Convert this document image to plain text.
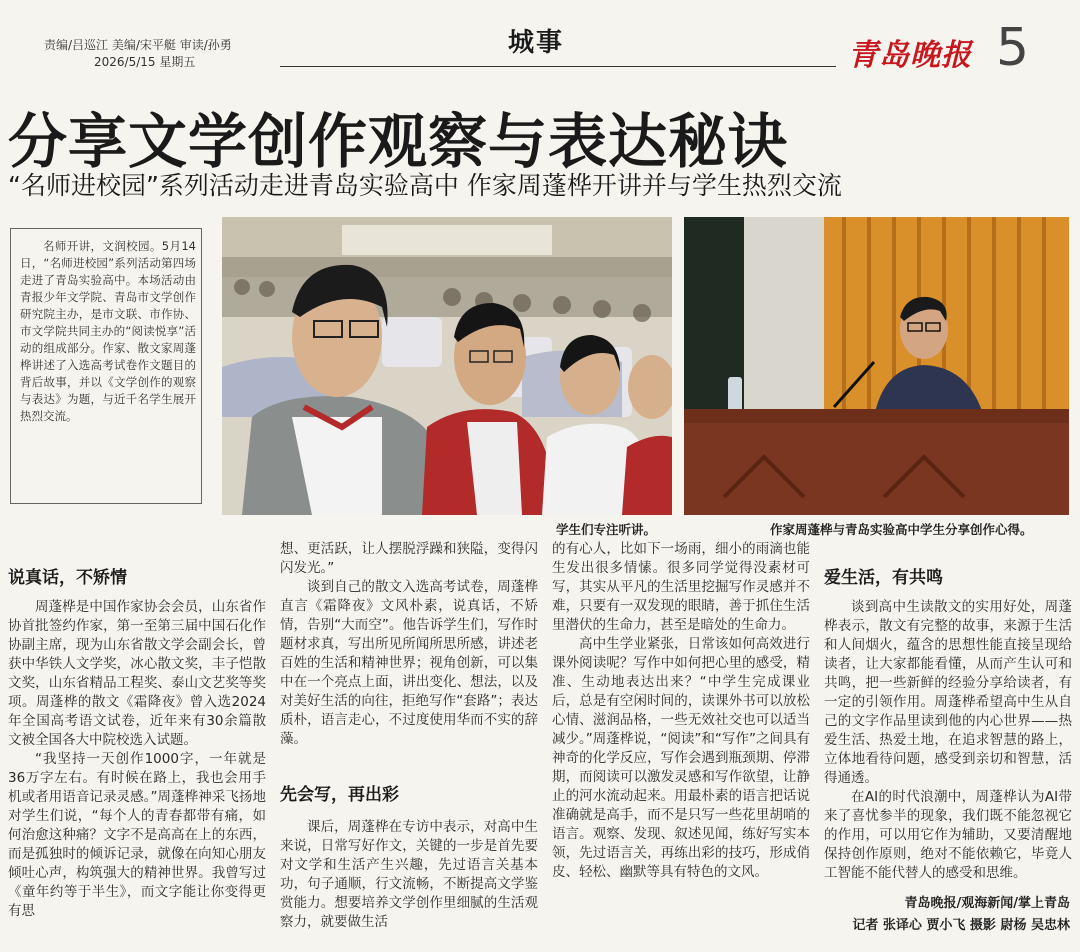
责编/吕巡江 美编/宋平艇 审读/孙勇
2026/5/15 星期五
城事	青岛晚报 5
分享文学创作观察与表达秘诀
“名师进校园”系列活动走进青岛实验高中 作家周蓬桦开讲并与学生热烈交流
名师开讲，文润校园。5月14日，“名师进校园”系列活动第四场走进了青岛实验高中。本场活动由青报少年文学院、青岛市文学创作研究院主办，是市文联、市作协、市文学院共同主办的“阅读悦享”活动的组成部分。作家、散文家周蓬桦讲述了入选高考试卷作文题目的背后故事，并以《文学创作的观察与表达》为题，与近千名学生展开热烈交流。
学生们专注听讲。	作家周蓬桦与青岛实验高中学生分享创作心得。
说真话，不矫情

周蓬桦是中国作家协会会员，山东省作协首批签约作家，第一至第三届中国石化作协副主席，现为山东省散文学会副会长，曾获中华铁人文学奖，冰心散文奖，丰子恺散文奖，山东省精品工程奖、泰山文艺奖等奖项。周蓬桦的散文《霜降夜》曾入选2024年全国高考语文试卷，近年来有30余篇散文被全国各大中院校选入试题。

“我坚持一天创作1000字，一年就是36万字左右。有时候在路上，我也会用手机或者用语音记录灵感。”周蓬桦神采飞扬地对学生们说，“每个人的青春都带有痛，如何治愈这种痛？文字不是高高在上的东西，而是孤独时的倾诉记录，就像在向知心朋友倾吐心声，构筑强大的精神世界。我曾写过《童年约等于半生》，而文字能让你变得更有思

想、更活跃，让人摆脱浮躁和狭隘，变得闪闪发光。”

谈到自己的散文入选高考试卷，周蓬桦直言《霜降夜》文风朴素，说真话，不矫情，告别“大而空”。他告诉学生们，写作时题材求真，写出所见所闻所思所感，讲述老百姓的生活和精神世界；视角创新，可以集中在一个亮点上面，讲出变化、想法，以及对美好生活的向往，拒绝写作“套路”；表达质朴，语言走心，不过度使用华而不实的辞藻。

先会写，再出彩

课后，周蓬桦在专访中表示，对高中生来说，日常写好作文，关键的一步是首先要对文学和生活产生兴趣，先过语言关基本功，句子通顺，行文流畅，不断提高文学鉴赏能力。想要培养文学创作里细腻的生活观察力，就要做生活

的有心人，比如下一场雨，细小的雨滴也能生发出很多情愫。很多同学觉得没素材可写，其实从平凡的生活里挖掘写作灵感并不难，只要有一双发现的眼睛，善于抓住生活里潜伏的生命力，甚至是暗处的生命力。

高中生学业紧张，日常该如何高效进行课外阅读呢？写作中如何把心里的感受，精准、生动地表达出来？“中学生完成课业后，总是有空闲时间的，读课外书可以放松心情、滋润品格，一些无效社交也可以适当减少。”周蓬桦说，“阅读”和“写作”之间具有神奇的化学反应，写作会遇到瓶颈期、停滞期，而阅读可以激发灵感和写作欲望，让静止的河水流动起来。用最朴素的语言把话说准确就是高手，而不是只写一些花里胡哨的语言。观察、发现、叙述见闻，练好写实本领，先过语言关，再练出彩的技巧，形成俏皮、轻松、幽默等具有特色的文风。

爱生活，有共鸣

谈到高中生读散文的实用好处，周蓬桦表示，散文有完整的故事，来源于生活和人间烟火，蕴含的思想性能直接呈现给读者，让大家都能看懂，从而产生认可和共鸣，把一些新鲜的经验分享给读者，有一定的引领作用。周蓬桦希望高中生从自己的文字作品里读到他的内心世界——热爱生活、热爱土地，在追求智慧的路上，立体地看待问题，感受到亲切和智慧，活得通透。

在AI的时代浪潮中，周蓬桦认为AI带来了喜忧参半的现象，我们既不能忽视它的作用，可以用它作为辅助，又要清醒地保持创作原则，绝对不能依赖它，毕竟人工智能不能代替人的感受和思维。

青岛晚报/观海新闻/掌上青岛
记者 张译心 贾小飞 摄影 尉杨 吴忠林
